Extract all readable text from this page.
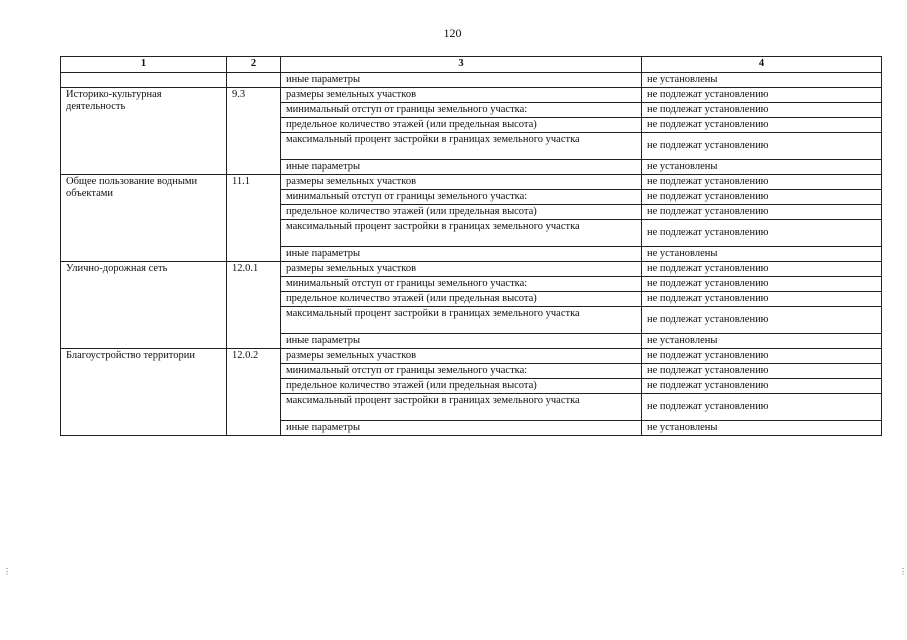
120
1	2	3	4
		иные параметры	не установлены
Историко-культурная деятельность	9.3	размеры земельных участков	не подлежат установлению
		минимальный отступ от границы земельного участка:	не подлежат установлению
		предельное количество этажей (или предельная высота)	не подлежат установлению
		максимальный процент застройки в границах земельного участка	не подлежат установлению
		иные параметры	не установлены
Общее пользование водными объектами	11.1	размеры земельных участков	не подлежат установлению
		минимальный отступ от границы земельного участка:	не подлежат установлению
		предельное количество этажей (или предельная высота)	не подлежат установлению
		максимальный процент застройки в границах земельного участка	не подлежат установлению
		иные параметры	не установлены
Улично-дорожная сеть	12.0.1	размеры земельных участков	не подлежат установлению
		минимальный отступ от границы земельного участка:	не подлежат установлению
		предельное количество этажей (или предельная высота)	не подлежат установлению
		максимальный процент застройки в границах земельного участка	не подлежат установлению
		иные параметры	не установлены
Благоустройство территории	12.0.2	размеры земельных участков	не подлежат установлению
		минимальный отступ от границы земельного участка:	не подлежат установлению
		предельное количество этажей (или предельная высота)	не подлежат установлению
		максимальный процент застройки в границах земельного участка	не подлежат установлению
		иные параметры	не установлены
⋮	⋮
